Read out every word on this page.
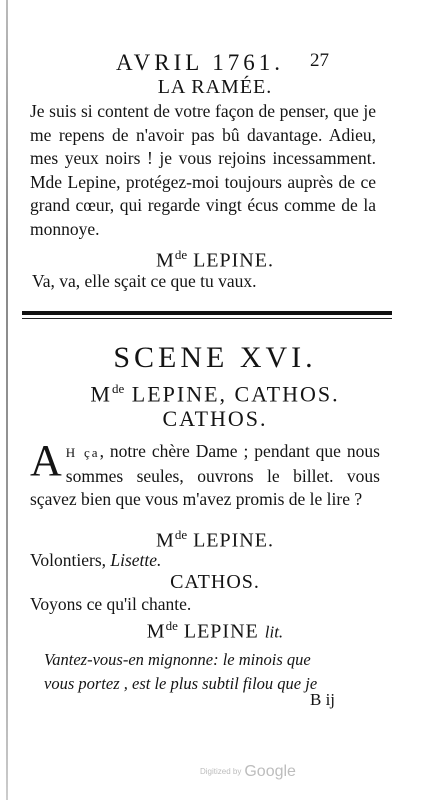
AVRIL 1761.	27
LA RAMÉE.
Je suis si content de votre façon de penser, que je me repens de n'avoir pas bû davantage. Adieu, mes yeux noirs ! je vous rejoins incessamment. Mde Lepine, protégez-moi toujours auprès de ce grand cœur, qui regarde vingt écus comme de la monnoye.
Mde LEPINE.
Va, va, elle sçait ce que tu vaux.
SCENE XVI.
Mde LEPINE, CATHOS.
CATHOS.
A H ça, notre chère Dame ; pendant que nous sommes seules, ouvrons le billet. vous sçavez bien que vous m'avez promis de le lire ?
Mde LEPINE.
Volontiers, Lisette.
CATHOS.
Voyons ce qu'il chante.
Mde LEPINE lit.
Vantez-vous-en mignonne: le minois que
vous portez , est le plus subtil filou que je
B ij
Digitized by Google
